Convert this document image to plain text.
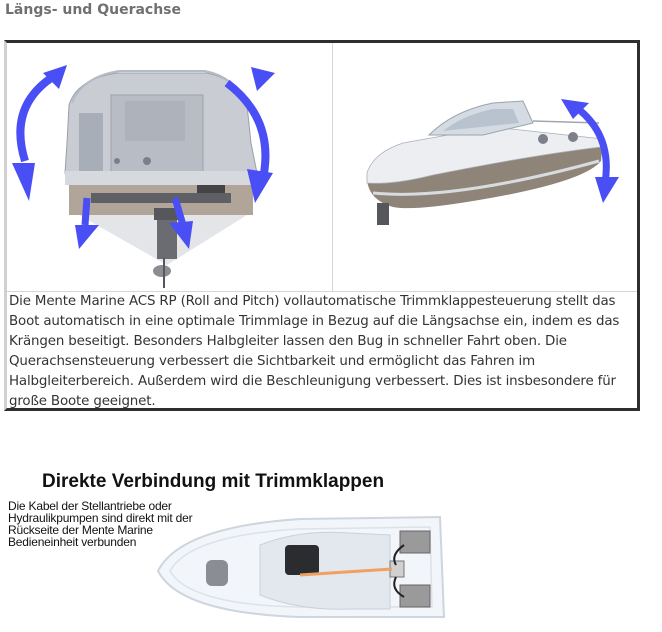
Längs- und Querachse
Die Mente Marine ACS RP (Roll and Pitch) vollautomatische Trimmklappesteuerung stellt das Boot automatisch in eine optimale Trimmlage in Bezug auf die Längsachse ein, indem es das Krängen beseitigt. Besonders Halbgleiter lassen den Bug in schneller Fahrt oben. Die Querachsensteuerung verbessert die Sichtbarkeit und ermöglicht das Fahren im Halbgleiterbereich. Außerdem wird die Beschleunigung verbessert. Dies ist insbesondere für große Boote geeignet.
Direkte Verbindung mit Trimmklappen
Die Kabel der Stellantriebe oder Hydraulikpumpen sind direkt mit der Rückseite der Mente Marine Bedieneinheit verbunden
